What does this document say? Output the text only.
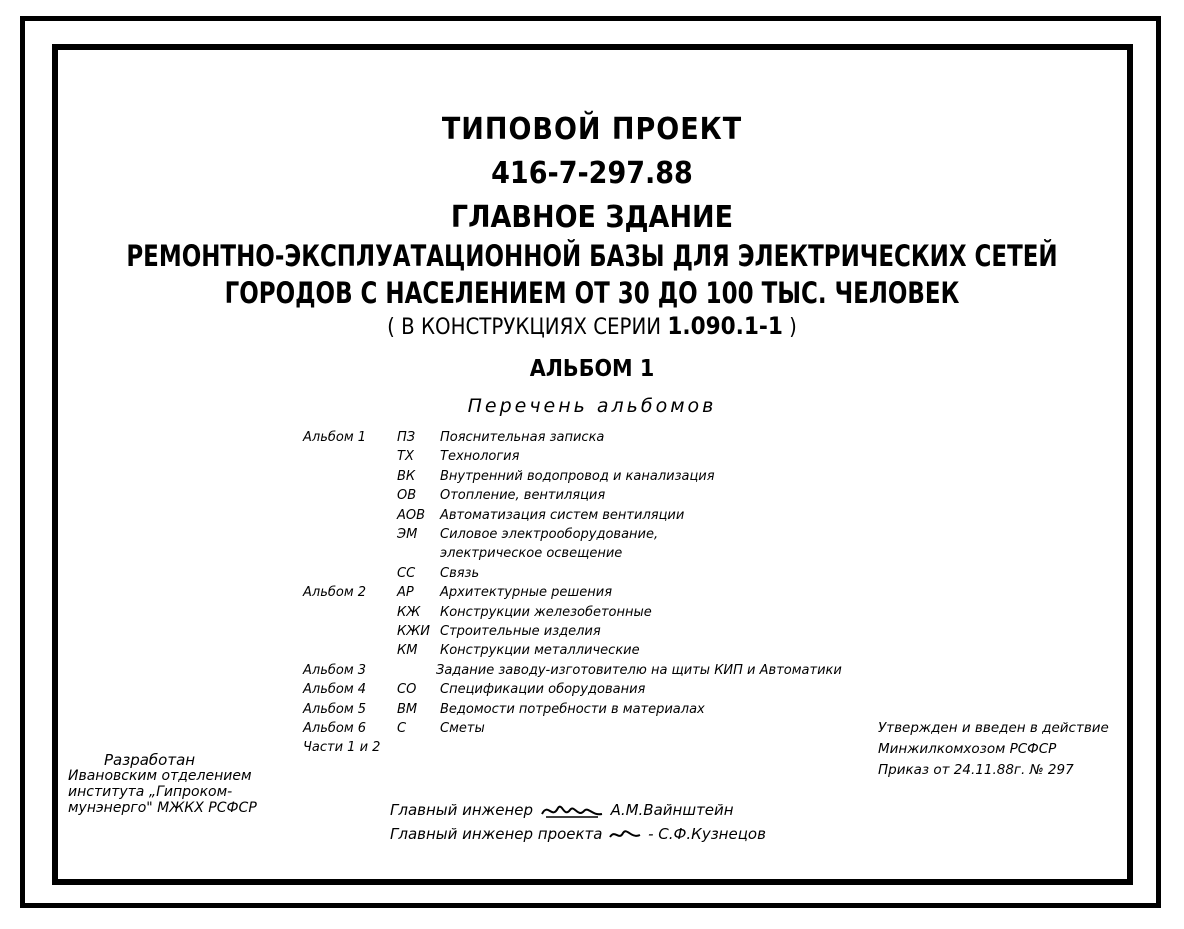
ТИПОВОЙ ПРОЕКТ
416-7-297.88
ГЛАВНОЕ ЗДАНИЕ
РЕМОНТНО-ЭКСПЛУАТАЦИОННОЙ БАЗЫ ДЛЯ ЭЛЕКТРИЧЕСКИХ СЕТЕЙ
ГОРОДОВ С НАСЕЛЕНИЕМ ОТ 30 ДО 100 ТЫС. ЧЕЛОВЕК
( В КОНСТРУКЦИЯХ СЕРИИ 1.090.1-1 )
АЛЬБОМ 1
Перечень альбомов
Альбом 1 ПЗ Пояснительная записка
ТХ Технология
ВК Внутренний водопровод и канализация
ОВ Отопление, вентиляция
АОВ Автоматизация систем вентиляции
ЭМ Силовое электрооборудование,
электрическое освещение
СС Связь
Альбом 2 АР Архитектурные решения
КЖ Конструкции железобетонные
КЖИ Строительные изделия
КМ Конструкции металлические
Альбом 3	Задание заводу-изготовителю на щиты КИП и Автоматики
Альбом 4 СО Спецификации оборудования
Альбом 5 ВМ Ведомости потребности в материалах
Альбом 6 С	Сметы
Части 1 и 2
Утвержден и введен в действие
Минжилкомхозом РСФСР
Приказ от 24.11.88г. № 297
Разработан
Ивановским отделением
института „Гипроком-
мунэнерго" МЖКХ РСФСР	Главный инженер	А.М.Вайнштейн
Главный инженер проекта	- С.Ф.Кузнецов
